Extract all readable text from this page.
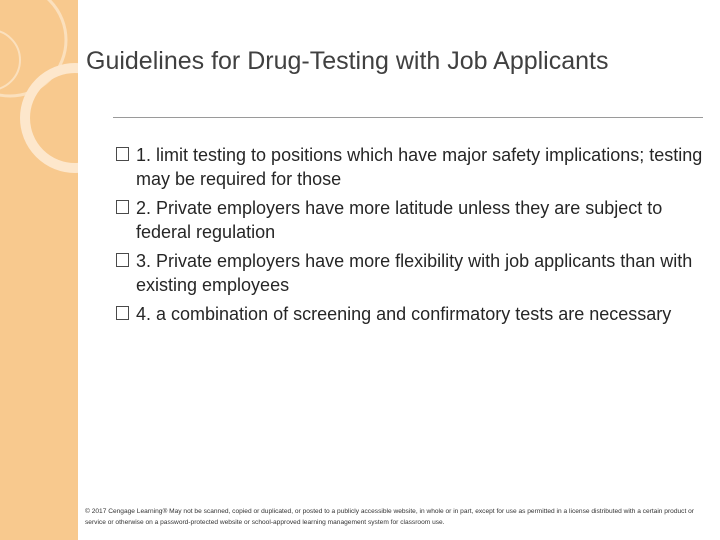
Guidelines for Drug-Testing with Job Applicants
1. limit testing to positions which have major safety implications; testing may be required for those
2. Private employers have more latitude unless they are subject to federal regulation
3. Private employers have more flexibility with job applicants than with existing employees
4. a combination of screening and confirmatory tests are necessary
© 2017 Cengage Learning® May not be scanned, copied or duplicated, or posted to a publicly accessible website, in whole or in part, except for use as permitted in a license distributed with a certain product or service or otherwise on a password-protected website or school-approved learning management system for classroom use.
